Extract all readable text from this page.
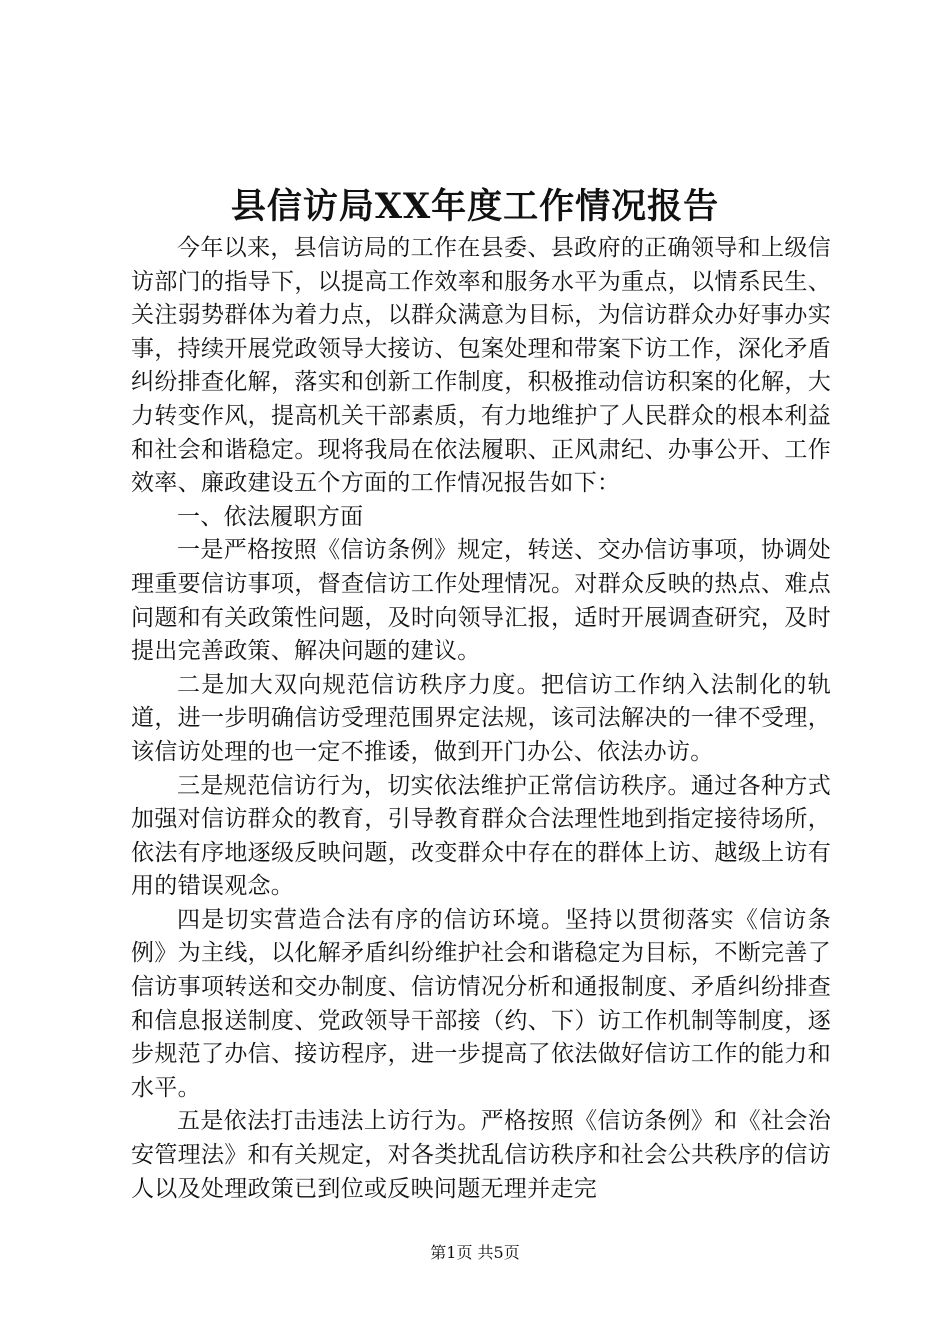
县信访局XX年度工作情况报告

今年以来，县信访局的工作在县委、县政府的正确领导和上级信访部门的指导下，以提高工作效率和服务水平为重点，以情系民生、关注弱势群体为着力点，以群众满意为目标，为信访群众办好事办实事，持续开展党政领导大接访、包案处理和带案下访工作，深化矛盾纠纷排查化解，落实和创新工作制度，积极推动信访积案的化解，大力转变作风，提高机关干部素质，有力地维护了人民群众的根本利益和社会和谐稳定。现将我局在依法履职、正风肃纪、办事公开、工作效率、廉政建设五个方面的工作情况报告如下：

一、依法履职方面

一是严格按照《信访条例》规定，转送、交办信访事项，协调处理重要信访事项，督查信访工作处理情况。对群众反映的热点、难点问题和有关政策性问题，及时向领导汇报，适时开展调查研究，及时提出完善政策、解决问题的建议。

二是加大双向规范信访秩序力度。把信访工作纳入法制化的轨道，进一步明确信访受理范围界定法规，该司法解决的一律不受理，该信访处理的也一定不推诿，做到开门办公、依法办访。

三是规范信访行为，切实依法维护正常信访秩序。通过各种方式加强对信访群众的教育，引导教育群众合法理性地到指定接待场所，依法有序地逐级反映问题，改变群众中存在的群体上访、越级上访有用的错误观念。

四是切实营造合法有序的信访环境。坚持以贯彻落实《信访条例》为主线，以化解矛盾纠纷维护社会和谐稳定为目标，不断完善了信访事项转送和交办制度、信访情况分析和通报制度、矛盾纠纷排查和信息报送制度、党政领导干部接（约、下）访工作机制等制度，逐步规范了办信、接访程序，进一步提高了依法做好信访工作的能力和水平。

五是依法打击违法上访行为。严格按照《信访条例》和《社会治安管理法》和有关规定，对各类扰乱信访秩序和社会公共秩序的信访人以及处理政策已到位或反映问题无理并走完

第1页 共5页
